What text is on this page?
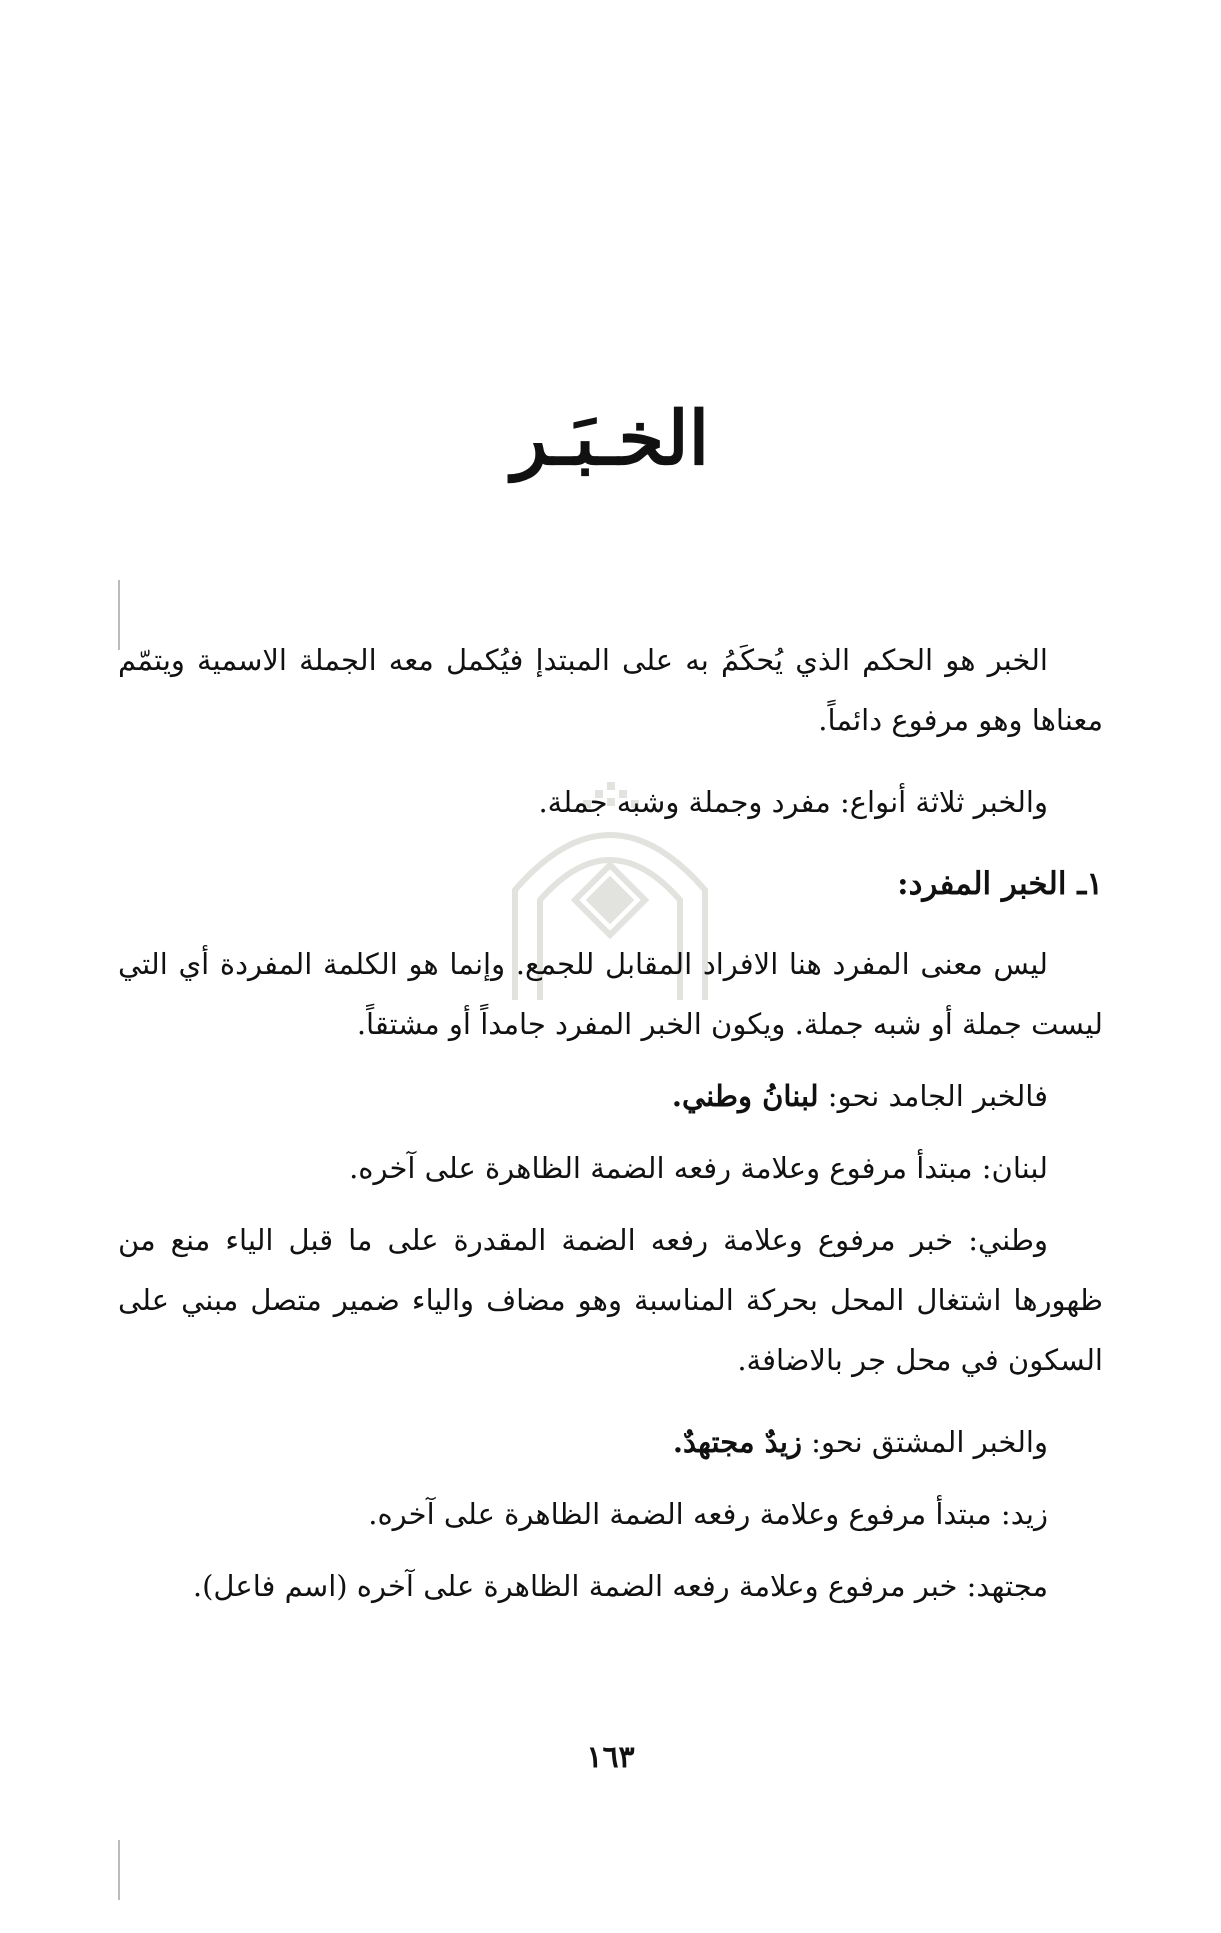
الخـبَـر

الخبر هو الحكم الذي يُحكَمُ به على المبتدإ فيُكمل معه الجملة الاسمية ويتمّم معناها وهو مرفوع دائماً.

والخبر ثلاثة أنواع: مفرد وجملة وشبه جملة.

١ـ الخبر المفرد:

ليس معنى المفرد هنا الافراد المقابل للجمع. وإنما هو الكلمة المفردة أي التي ليست جملة أو شبه جملة. ويكون الخبر المفرد جامداً أو مشتقاً.

فالخبر الجامد نحو: لبنانُ وطني.

لبنان: مبتدأ مرفوع وعلامة رفعه الضمة الظاهرة على آخره.

وطني: خبر مرفوع وعلامة رفعه الضمة المقدرة على ما قبل الياء منع من ظهورها اشتغال المحل بحركة المناسبة وهو مضاف والياء ضمير متصل مبني على السكون في محل جر بالاضافة.

والخبر المشتق نحو: زيدٌ مجتهدٌ.

زيد: مبتدأ مرفوع وعلامة رفعه الضمة الظاهرة على آخره.

مجتهد: خبر مرفوع وعلامة رفعه الضمة الظاهرة على آخره (اسم فاعل).

١٦٣
